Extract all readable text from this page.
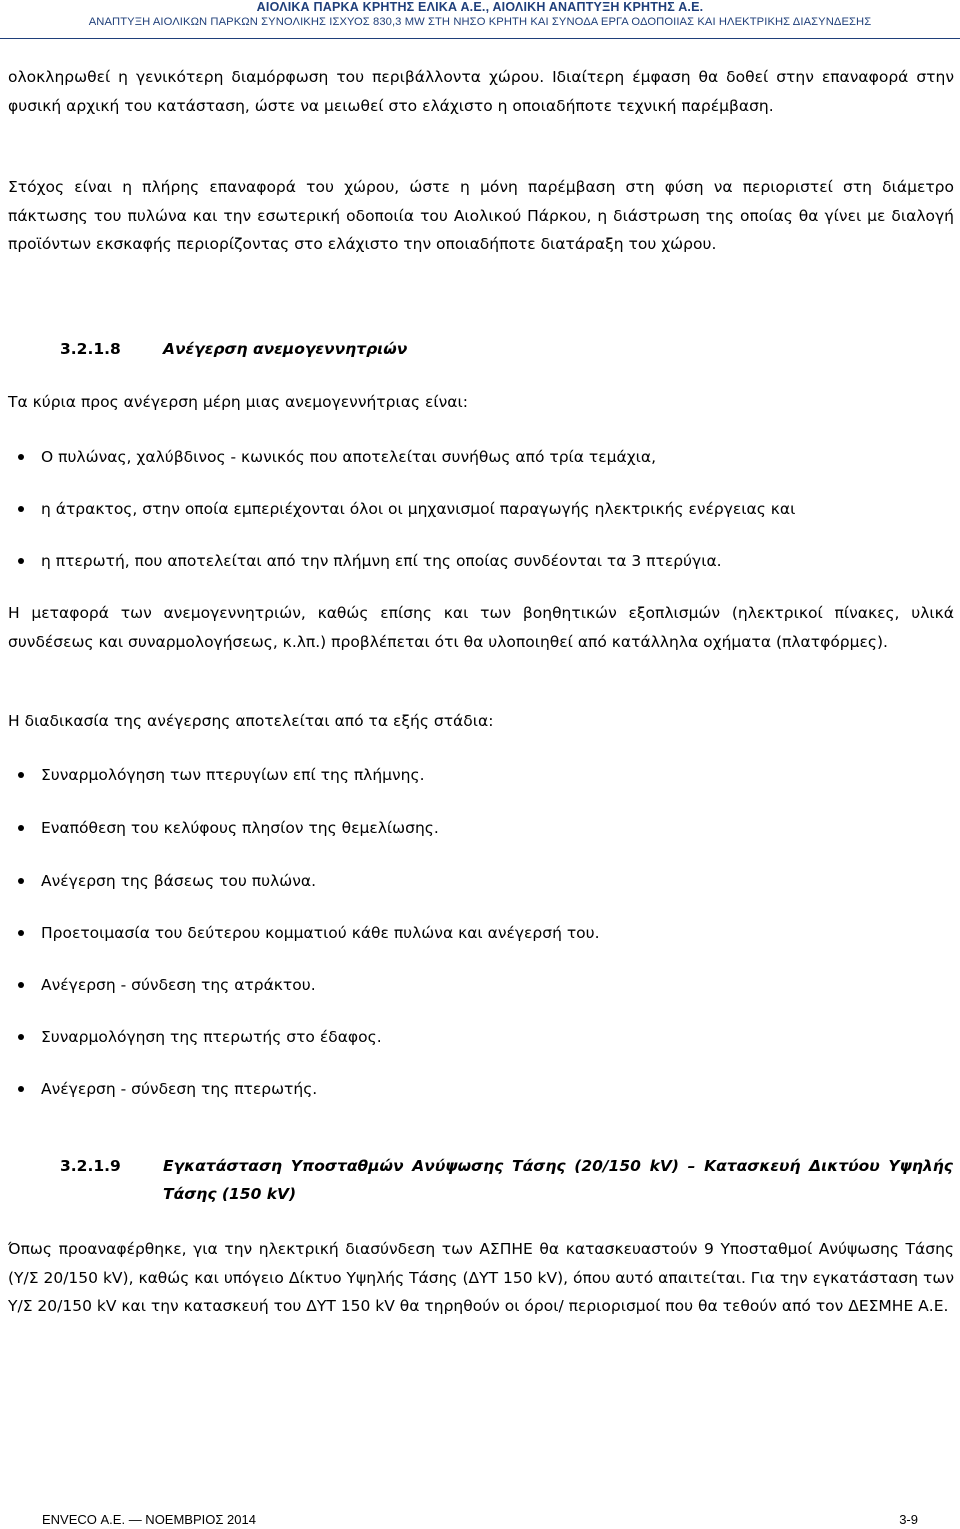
ΑΙΟΛΙΚΑ ΠΑΡΚΑ ΚΡΗΤΗΣ ΕΛΙΚΑ Α.Ε., ΑΙΟΛΙΚΗ ΑΝΑΠΤΥΞΗ ΚΡΗΤΗΣ Α.Ε.
ΑΝΑΠΤΥΞΗ ΑΙΟΛΙΚΩΝ ΠΑΡΚΩΝ ΣΥΝΟΛΙΚΗΣ ΙΣΧΥΟΣ 830,3 MW ΣΤΗ ΝΗΣΟ ΚΡΗΤΗ ΚΑΙ ΣΥΝΟΔΑ ΕΡΓΑ ΟΔΟΠΟΙΙΑΣ ΚΑΙ ΗΛΕΚΤΡΙΚΗΣ ΔΙΑΣΥΝΔΕΣΗΣ
ολοκληρωθεί η γενικότερη διαμόρφωση του περιβάλλοντα χώρου. Ιδιαίτερη έμφαση θα δοθεί στην επαναφορά στην φυσική αρχική του κατάσταση, ώστε να μειωθεί στο ελάχιστο η οποιαδήποτε τεχνική παρέμβαση.
Στόχος είναι η πλήρης επαναφορά του χώρου, ώστε η μόνη παρέμβαση στη φύση να περιοριστεί στη διάμετρο πάκτωσης του πυλώνα και την εσωτερική οδοποιία του Αιολικού Πάρκου, η διάστρωση της οποίας θα γίνει με διαλογή προϊόντων εκσκαφής περιορίζοντας στο ελάχιστο την οποιαδήποτε διατάραξη του χώρου.
3.2.1.8	Ανέγερση ανεμογεννητριών
Τα κύρια προς ανέγερση μέρη μιας ανεμογεννήτριας είναι:
Ο πυλώνας, χαλύβδινος - κωνικός που αποτελείται συνήθως από τρία τεμάχια,
η άτρακτος, στην οποία εμπεριέχονται όλοι οι μηχανισμοί παραγωγής ηλεκτρικής ενέργειας και
η πτερωτή, που αποτελείται από την πλήμνη επί της οποίας συνδέονται τα 3 πτερύγια.
Η μεταφορά των ανεμογεννητριών, καθώς επίσης και των βοηθητικών εξοπλισμών (ηλεκτρικοί πίνακες, υλικά συνδέσεως και συναρμολογήσεως, κ.λπ.) προβλέπεται ότι θα υλοποιηθεί από κατάλληλα οχήματα (πλατφόρμες).
Η διαδικασία της ανέγερσης αποτελείται από τα εξής στάδια:
Συναρμολόγηση των πτερυγίων επί της πλήμνης.
Εναπόθεση του κελύφους πλησίον της θεμελίωσης.
Ανέγερση της βάσεως του πυλώνα.
Προετοιμασία του δεύτερου κομματιού κάθε πυλώνα και ανέγερσή του.
Ανέγερση - σύνδεση της ατράκτου.
Συναρμολόγηση της πτερωτής στο έδαφος.
Ανέγερση - σύνδεση της πτερωτής.
3.2.1.9	Εγκατάσταση Υποσταθμών Ανύψωσης Τάσης (20/150 kV) – Κατασκευή Δικτύου Υψηλής Τάσης (150 kV)
Όπως προαναφέρθηκε, για την ηλεκτρική διασύνδεση των ΑΣΠΗΕ θα κατασκευαστούν 9 Υποσταθμοί Ανύψωσης Τάσης (Υ/Σ 20/150 kV), καθώς και υπόγειο Δίκτυο Υψηλής Τάσης (ΔΥΤ 150 kV), όπου αυτό απαιτείται. Για την εγκατάσταση των Υ/Σ 20/150 kV και την κατασκευή του ΔΥΤ 150 kV θα τηρηθούν οι όροι/ περιορισμοί που θα τεθούν από τον ΔΕΣΜΗΕ Α.Ε.
ENVECO Α.Ε. — ΝΟΕΜΒΡΙΟΣ 2014	3-9
